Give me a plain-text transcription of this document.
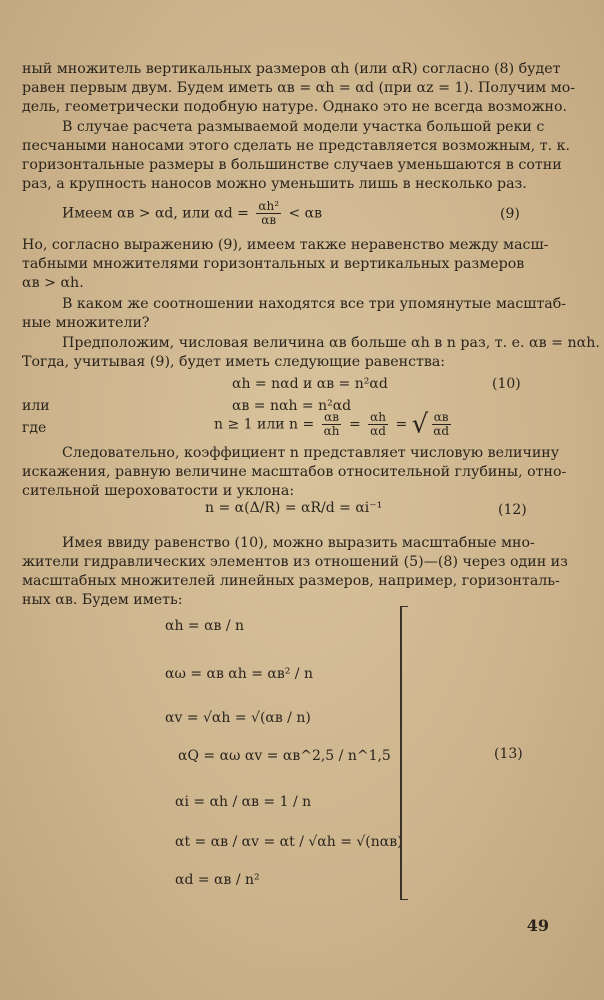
ный множитель вертикальных размеров αh (или αR) согласно (8) будет
равен первым двум. Будем иметь αв = αh = αd (при αz = 1). Получим мо-
дель, геометрически подобную натуре. Однако это не всегда возможно.
В случае расчета размываемой модели участка большой реки с
песчаными наносами этого сделать не представляется возможным, т. к.
горизонтальные размеры в большинстве случаев уменьшаются в сотни
раз, а крупность наносов можно уменьшить лишь в несколько раз.
Имеем αв > αd, или $\alpha d = \frac{\text{αh²}}{\alpha в} < \alpha в$	(9)
Но, согласно выражению (9), имеем также неравенство между масш-
табными множителями горизонтальных и вертикальных размеров
αв > αh.
В каком же соотношении находятся все три упомянутые масштаб-
ные множители?
Предположим, числовая величина αв больше αh в n раз, т. е. αв = nαh.
Тогда, учитывая (9), будет иметь следующие равенства:
αh = nαd и αв = n²αd	(10)
или	αв = nαh = n²αd
где	n ≥ 1 или $n = \frac{\alpha в}{\alpha h} = \frac{\alpha h}{\alpha d}$ = √ $\frac{\alpha в}{\alpha d}$
Следовательно, коэффициент n представляет числовую величину
искажения, равную величине масштабов относительной глубины, отно-
сительной шероховатости и уклона:
n = α(Δ/R) = αR/d = αi⁻¹	(12)
Имея ввиду равенство (10), можно выразить масштабные мно-
жители гидравлических элементов из отношений (5)—(8) через один из
масштабных множителей линейных размеров, например, горизонталь-
ных αв. Будем иметь:
αh = αв / n
αω = αв αh = αв² / n
αv = √αh = √(αв / n)
αQ = αω αv = αв^2,5 / n^1,5
αi = αh / αв = 1 / n
αt = αв / αv = αt / √αh = √(nαв)
αd = αв / n²
(13)
49
